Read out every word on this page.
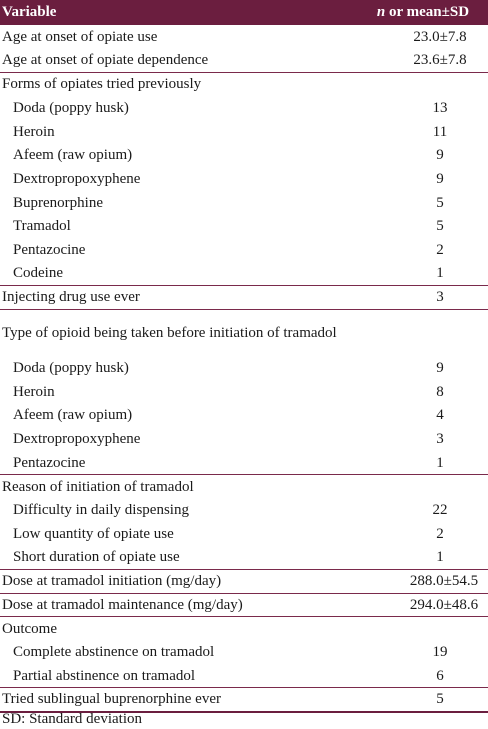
Variable	n or mean±SD
Age at onset of opiate use	23.0±7.8
Age at onset of opiate dependence	23.6±7.8
Forms of opiates tried previously	
Doda (poppy husk)	13
Heroin	11
Afeem (raw opium)	9
Dextropropoxyphene	9
Buprenorphine	5
Tramadol	5
Pentazocine	2
Codeine	1
Injecting drug use ever	3
Type of opioid being taken before initiation of tramadol	
Doda (poppy husk)	9
Heroin	8
Afeem (raw opium)	4
Dextropropoxyphene	3
Pentazocine	1
Reason of initiation of tramadol	
Difficulty in daily dispensing	22
Low quantity of opiate use	2
Short duration of opiate use	1
Dose at tramadol initiation (mg/day)	288.0±54.5
Dose at tramadol maintenance (mg/day)	294.0±48.6
Outcome	
Complete abstinence on tramadol	19
Partial abstinence on tramadol	6
Tried sublingual buprenorphine ever	5
SD: Standard deviation
